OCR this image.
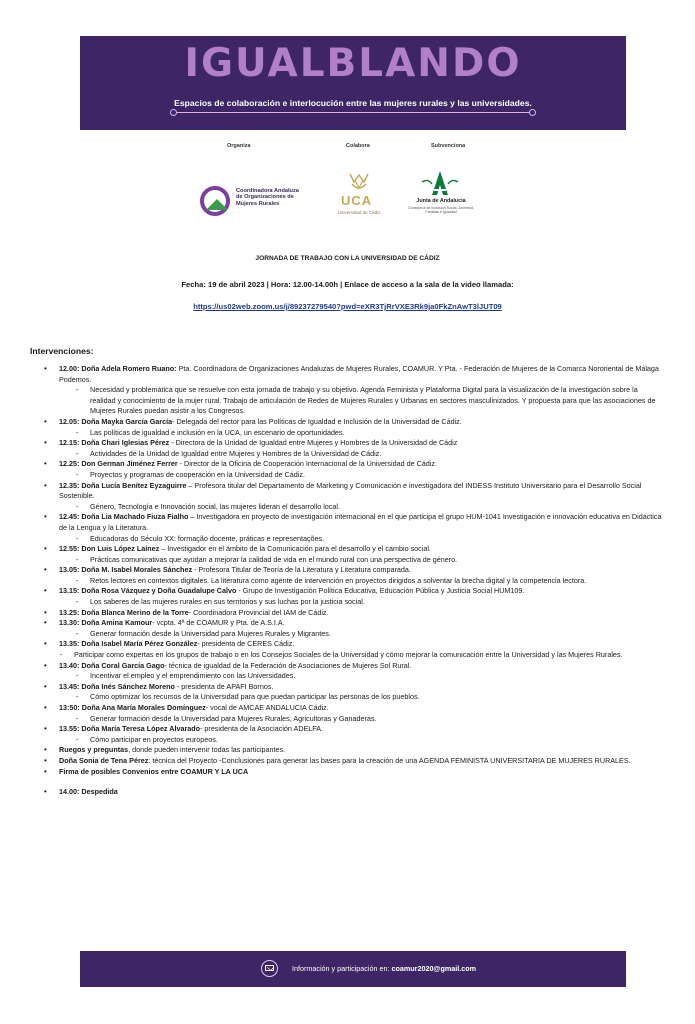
IGUALBLANDO
Espacios de colaboración e interlocución entre las mujeres rurales y las universidades.
Organiza	Colabora	Subvenciona
Coordinadora Andaluza de Organizaciones de Mujeres Rurales	UCA
Universidad de Cádiz
Junta de Andalucía
Consejería de Inclusión Social, Juventud, Familias e Igualdad
JORNADA DE TRABAJO CON LA UNIVERSIDAD DE CÁDIZ
Fecha: 19 de abril 2023 | Hora: 12.00-14.00h | Enlace de acceso a la sala de la video llamada:
https://us02web.zoom.us/j/89237279540?pwd=eXR3TjRrVXE3Rk9ja0FkZnAwT3lJUT09
Intervenciones:
• 12.00: Doña Adela Romero Ruano: Pta. Coordinadora de Organizaciones Andaluzas de Mujeres Rurales, COAMUR. Y Pta. - Federación de Mujeres de la Comarca Nororiental de Málaga Podemos.
- Necesidad y problemática que se resuelve con esta jornada de trabajo y su objetivo. Agenda Feminista y Plataforma Digital para la visualización de la investigación sobre la realidad y conocimiento de la mujer rural. Trabajo de articulación de Redes de Mujeres Rurales y Urbanas en sectores masculinizados. Y propuesta para que las asociaciones de Mujeres Rurales puedan asistir a los Congresos.
• 12.05: Doña Mayka García García- Delegada del rector para las Políticas de Igualdad e Inclusión de la Universidad de Cádiz.
- Las políticas de igualdad e inclusión en la UCA, un escenario de oportunidades.
• 12.15: Doña Chari Iglesias Pérez - Directora de la Unidad de Igualdad entre Mujeres y Hombres de la Universidad de Cádiz
- Actividades de la Unidad de Igualdad entre Mujeres y Hombres de la Universidad de Cádiz.
• 12.25: Don German Jiménez Ferrer - Director de la Oficina de Cooperación Internacional de la Universidad de Cádiz.
- Proyectos y programas de cooperación en la Universidad de Cádiz.
• 12.35: Doña Lucía Benítez Eyzaguirre – Profesora titular del Departamento de Marketing y Comunicación e investigadora del INDESS Instituto Universitario para el Desarrollo Social Sostenible.
- Género, Tecnología e Innovación social, las mujeres lideran el desarrollo local.
• 12.45: Doña Lia Machado Fiuza Fialho – Investigadora en proyecto de investigación internacional en el que participa el grupo HUM-1041 Investigación e innovación educativa en Didáctica de la Lengua y la Literatura.
- Educadoras do Século XX: formação docente, práticas e representações.
• 12.55: Don Luis López Laínez – Investigador en el ámbito de la Comunicación para el desarrollo y el cambio social.
- Prácticas comunicativas que ayudan a mejorar la calidad de vida en el mundo rural con una perspectiva de género.
• 13.05: Doña M. Isabel Morales Sánchez - Profesora Titular de Teoría de la Literatura y Literatura comparada.
- Retos lectores en contextos digitales. La literatura como agente de intervención en proyectos dirigidos a solventar la brecha digital y la competencia lectora.
• 13.15: Doña Rosa Vázquez y Doña Guadalupe Calvo - Grupo de Investigación Política Educativa, Educación Pública y Justicia Social HUM109.
- Los saberes de las mujeres rurales en sus territorios y sus luchas por la justicia social.
• 13.25: Doña Blanca Merino de la Torre- Coordinadora Provincial del IAM de Cádiz.
• 13.30: Doña Amina Kamour- vcpta. 4ª de COAMUR y Pta. de A.S.I.A.
- Generar formación desde la Universidad para Mujeres Rurales y Migrantes.
• 13.35: Doña Isabel María Pérez González- presidenta de CERES Cádiz.
- Participar como expertas en los grupos de trabajo o en los Consejos Sociales de la Universidad y cómo mejorar la comunicación entre la Universidad y las Mujeres Rurales.
• 13.40: Doña Coral García Gago- técnica de igualdad de la Federación de Asociaciones de Mujeres Sol Rural.
- Incentivar el empleo y el emprendimiento con las Universidades.
• 13.45: Doña Inés Sánchez Moreno - presidenta de APAFI Bornos.
- Cómo optimizar los recursos de la Universidad para que puedan participar las personas de los pueblos.
• 13:50: Doña Ana María Morales Domínguez- vocal de AMCAE ANDALUCIA Cádiz.
- Generar formación desde la Universidad para Mujeres Rurales, Agricultoras y Ganaderas.
• 13.55: Doña María Teresa López Alvarado- presidenta de la Asociación ADELFA.
- Cómo participar en proyectos europeos.
• Ruegos y preguntas, donde pueden intervenir todas las participantes.
• Doña Sonia de Tena Pérez: técnica del Proyecto -Conclusiones para generar las bases para la creación de una AGENDA FEMINISTA UNIVERSITARIA DE MUJERES RURALES.
• Firma de posibles Convenios entre COAMUR Y LA UCA
• 14.00: Despedida
Información y participación en: coamur2020@gmail.com
